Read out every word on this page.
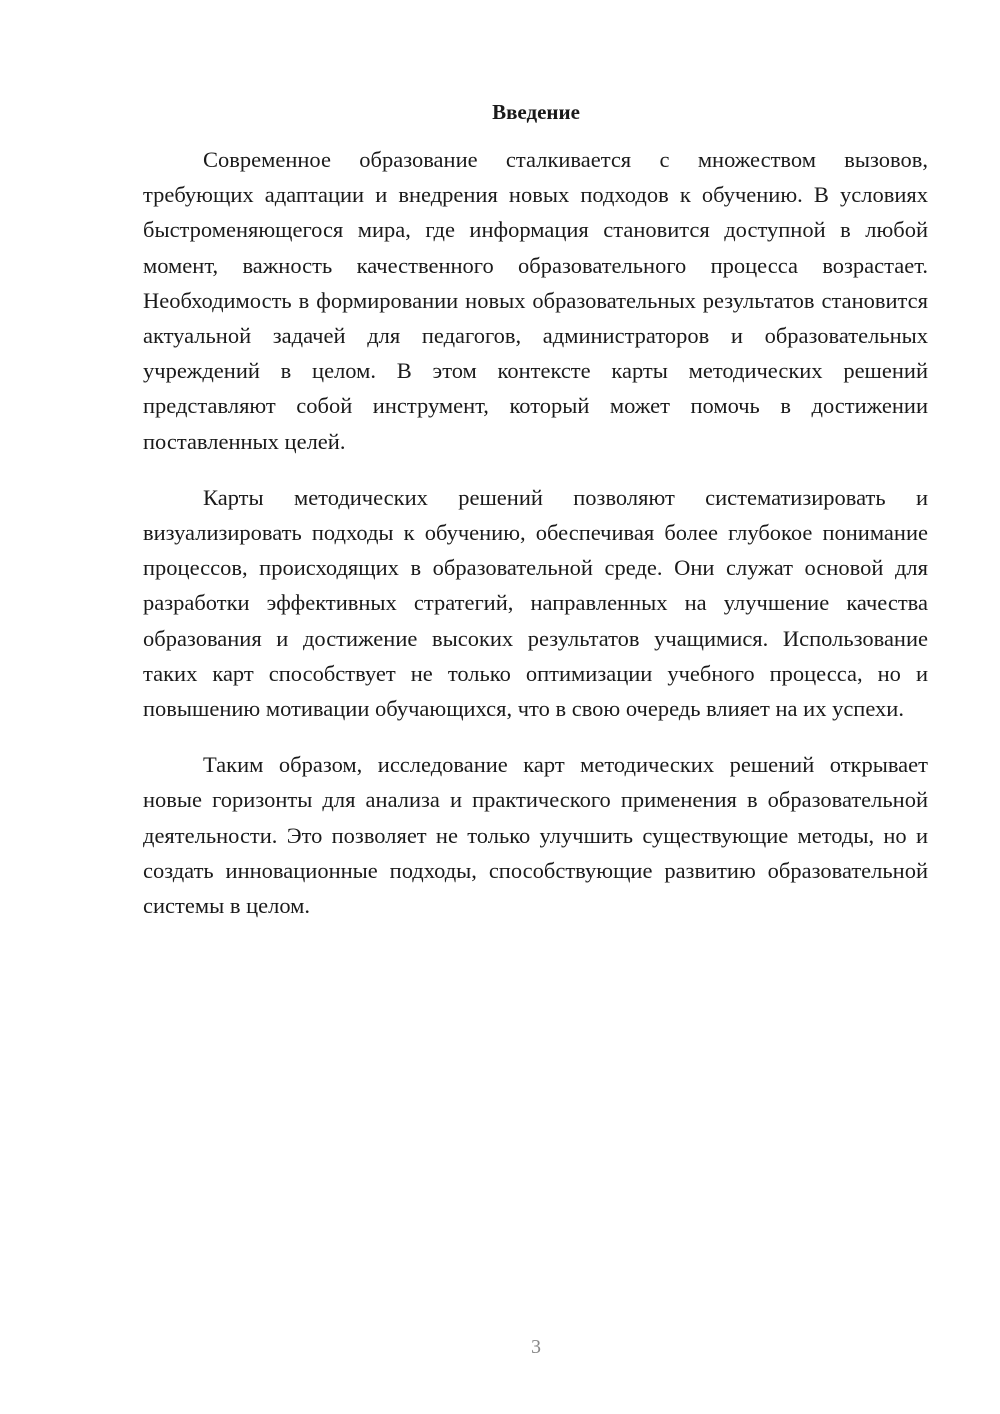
Введение

Современное образование сталкивается с множеством вызовов, требующих адаптации и внедрения новых подходов к обучению. В условиях быстроменяющегося мира, где информация становится доступной в любой момент, важность качественного образовательного процесса возрастает. Необходимость в формировании новых образовательных результатов становится актуальной задачей для педагогов, администраторов и образовательных учреждений в целом. В этом контексте карты методических решений представляют собой инструмент, который может помочь в достижении поставленных целей.

Карты методических решений позволяют систематизировать и визуализировать подходы к обучению, обеспечивая более глубокое понимание процессов, происходящих в образовательной среде. Они служат основой для разработки эффективных стратегий, направленных на улучшение качества образования и достижение высоких результатов учащимися. Использование таких карт способствует не только оптимизации учебного процесса, но и повышению мотивации обучающихся, что в свою очередь влияет на их успехи.

Таким образом, исследование карт методических решений открывает новые горизонты для анализа и практического применения в образовательной деятельности. Это позволяет не только улучшить существующие методы, но и создать инновационные подходы, способствующие развитию образовательной системы в целом.

3
